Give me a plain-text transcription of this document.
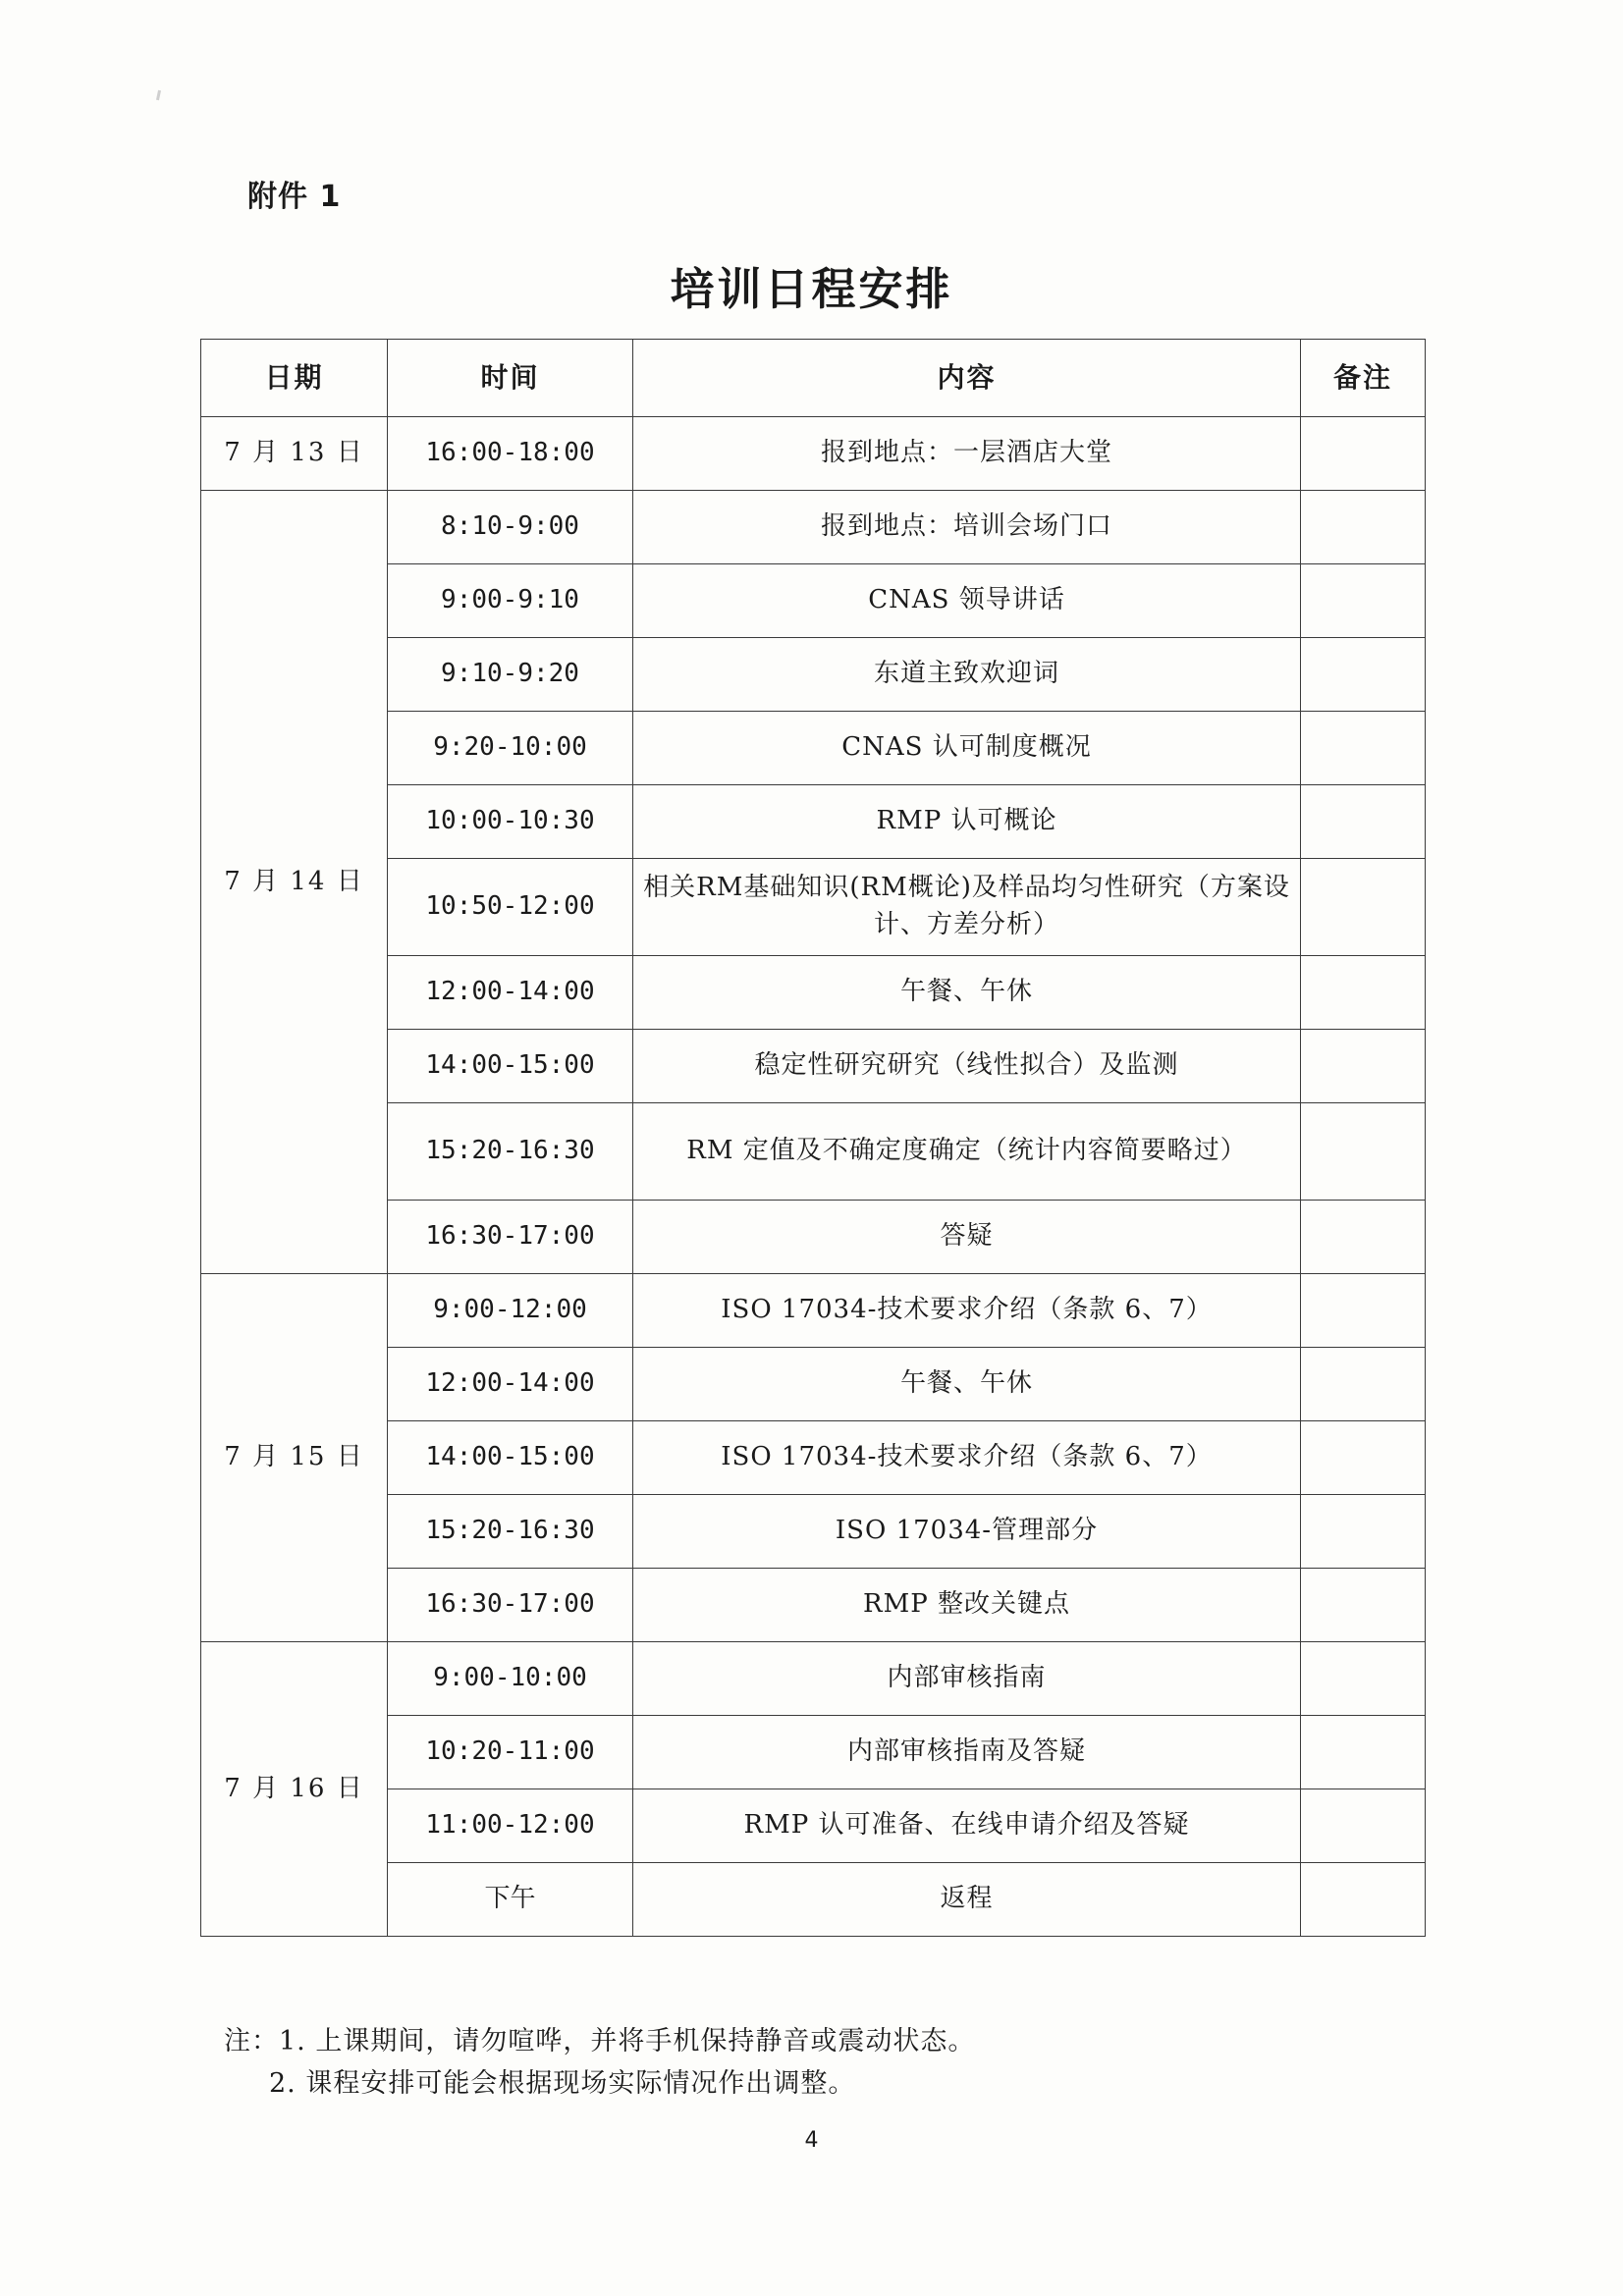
附件 1
培训日程安排
日期	时间	内容	备注
7 月 13 日	16:00-18:00	报到地点：一层酒店大堂	
7 月 14 日	8:10-9:00	报到地点：培训会场门口	
	9:00-9:10	CNAS 领导讲话	
	9:10-9:20	东道主致欢迎词	
	9:20-10:00	CNAS 认可制度概况	
	10:00-10:30	RMP 认可概论	
	10:50-12:00	相关RM基础知识(RM概论)及样品均匀性研究（方案设计、方差分析）	
	12:00-14:00	午餐、午休	
	14:00-15:00	稳定性研究研究（线性拟合）及监测	
	15:20-16:30	RM 定值及不确定度确定（统计内容简要略过）	
	16:30-17:00	答疑	
7 月 15 日	9:00-12:00	ISO 17034-技术要求介绍（条款 6、7）	
	12:00-14:00	午餐、午休	
	14:00-15:00	ISO 17034-技术要求介绍（条款 6、7）	
	15:20-16:30	ISO 17034-管理部分	
	16:30-17:00	RMP 整改关键点	
7 月 16 日	9:00-10:00	内部审核指南	
	10:20-11:00	内部审核指南及答疑	
	11:00-12:00	RMP 认可准备、在线申请介绍及答疑	
	下午	返程	
注：1. 上课期间，请勿喧哗，并将手机保持静音或震动状态。
2. 课程安排可能会根据现场实际情况作出调整。
4
